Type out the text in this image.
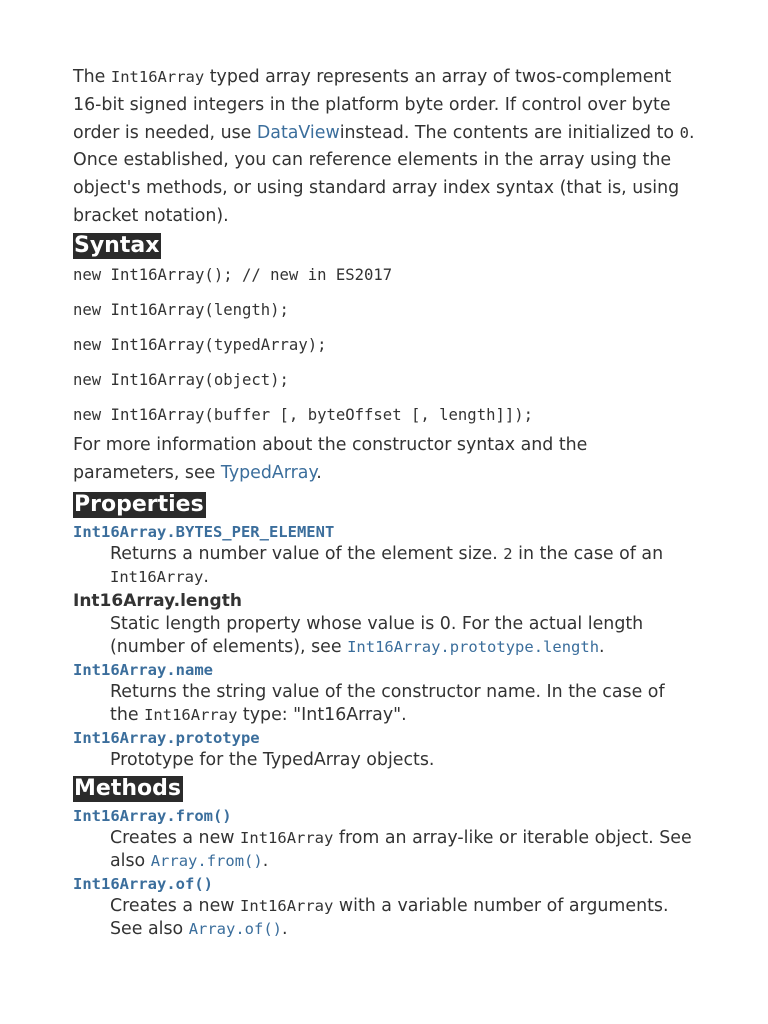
The Int16Array typed array represents an array of twos-complement 16-bit signed integers in the platform byte order. If control over byte order is needed, use DataViewinstead. The contents are initialized to 0. Once established, you can reference elements in the array using the object's methods, or using standard array index syntax (that is, using bracket notation).

Syntax

new Int16Array(); // new in ES2017

new Int16Array(length);

new Int16Array(typedArray);

new Int16Array(object);

new Int16Array(buffer [, byteOffset [, length]]);

For more information about the constructor syntax and the parameters, see TypedArray.

Properties

Int16Array.BYTES_PER_ELEMENT

Returns a number value of the element size. 2 in the case of an Int16Array.

Int16Array.length

Static length property whose value is 0. For the actual length (number of elements), see Int16Array.prototype.length.

Int16Array.name

Returns the string value of the constructor name. In the case of the Int16Array type: "Int16Array".

Int16Array.prototype

Prototype for the TypedArray objects.

Methods

Int16Array.from()

Creates a new Int16Array from an array-like or iterable object. See also Array.from().

Int16Array.of()

Creates a new Int16Array with a variable number of arguments. See also Array.of().
